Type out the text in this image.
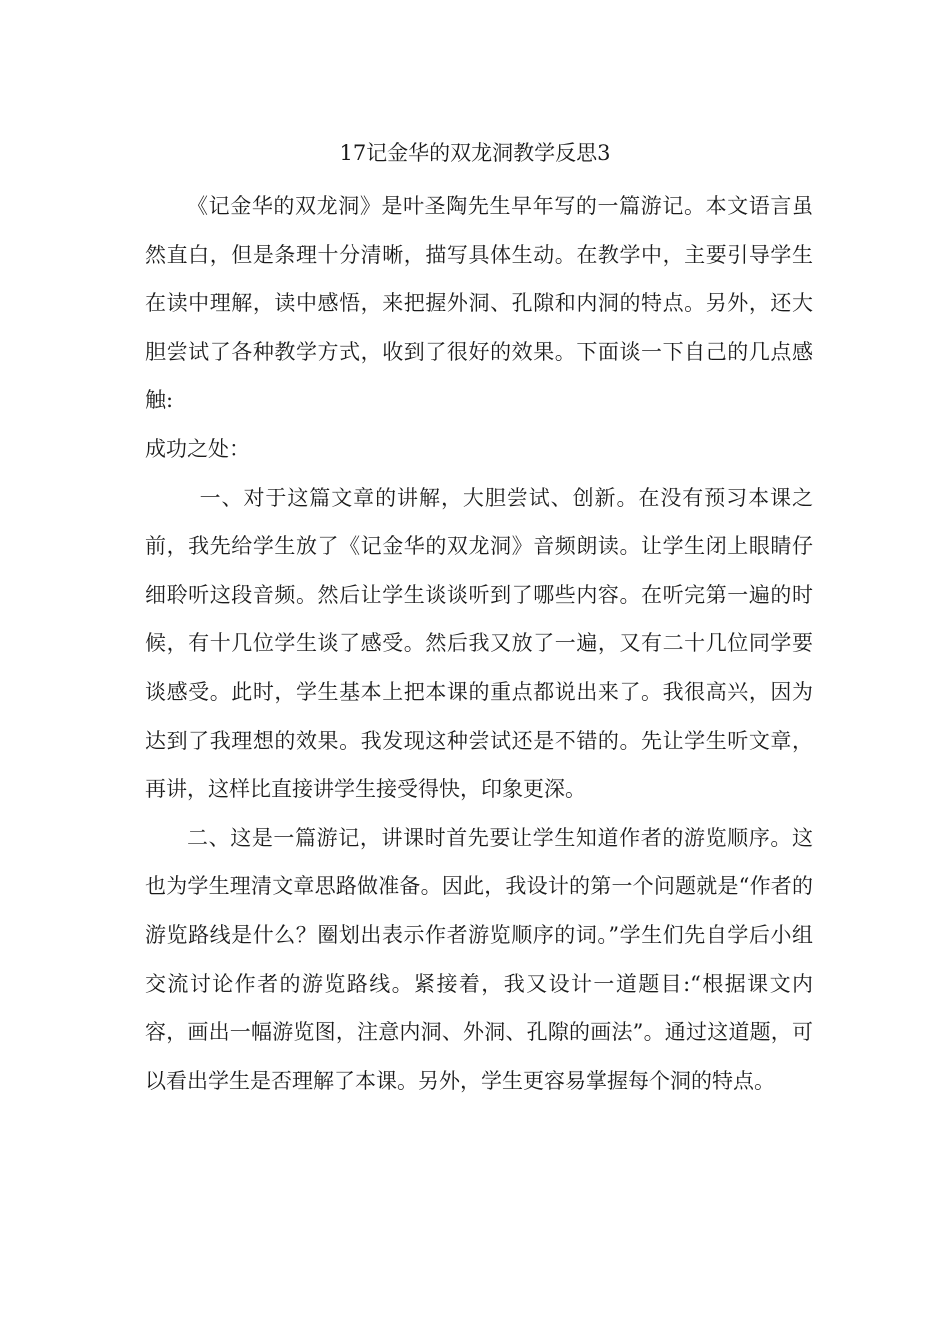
17记金华的双龙洞教学反思3

《记金华的双龙洞》是叶圣陶先生早年写的一篇游记。本文语言虽然直白，但是条理十分清晰，描写具体生动。在教学中，主要引导学生在读中理解，读中感悟，来把握外洞、孔隙和内洞的特点。另外，还大胆尝试了各种教学方式，收到了很好的效果。下面谈一下自己的几点感触:

成功之处：

一、对于这篇文章的讲解，大胆尝试、创新。在没有预习本课之前，我先给学生放了《记金华的双龙洞》音频朗读。让学生闭上眼睛仔细聆听这段音频。然后让学生谈谈听到了哪些内容。在听完第一遍的时候，有十几位学生谈了感受。然后我又放了一遍，又有二十几位同学要谈感受。此时，学生基本上把本课的重点都说出来了。我很高兴，因为达到了我理想的效果。我发现这种尝试还是不错的。先让学生听文章，再讲，这样比直接讲学生接受得快，印象更深。

二、这是一篇游记，讲课时首先要让学生知道作者的游览顺序。这也为学生理清文章思路做准备。因此，我设计的第一个问题就是“作者的游览路线是什么？圈划出表示作者游览顺序的词。”学生们先自学后小组交流讨论作者的游览路线。紧接着，我又设计一道题目:“根据课文内容，画出一幅游览图，注意内洞、外洞、孔隙的画法”。通过这道题，可以看出学生是否理解了本课。另外，学生更容易掌握每个洞的特点。
